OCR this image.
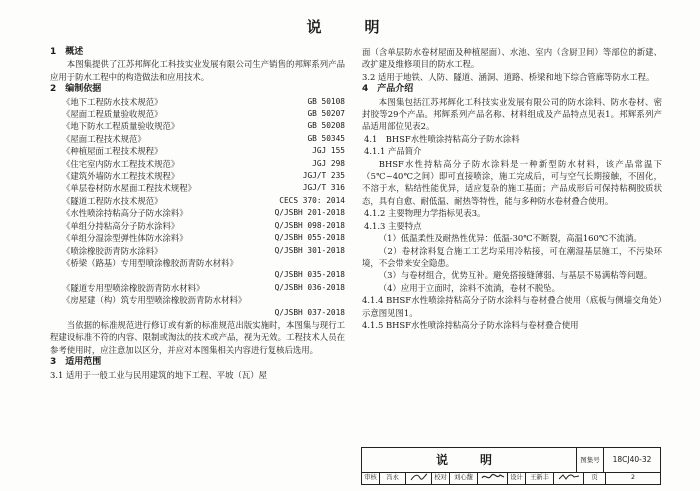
说　明
1　概述
本图集提供了江苏邦辉化工科技实业发展有限公司生产销售的邦辉系列产品应用于防水工程中的构造做法和应用技术。
2　编制依据
《地下工程防水技术规范》	GB 50108
《屋面工程质量验收规范》	GB 50207
《地下防水工程质量验收规范》	GB 50208
《屋面工程技术规范》	GB 50345
《种植屋面工程技术规程》	JGJ 155
《住宅室内防水工程技术规范》	JGJ 298
《建筑外墙防水工程技术规程》	JGJ/T 235
《单层卷材防水屋面工程技术规程》	JGJ/T 316
《隧道工程防水技术规范》	CECS 370: 2014
《水性喷涂持粘高分子防水涂料》	Q/JSBH 201-2018
《单组分持粘高分子防水涂料》	Q/JSBH 098-2018
《单组分湿涂型弹性体防水涂料》	Q/JSBH 055-2018
《喷涂橡胶沥青防水涂料》	Q/JSBH 301-2018
《桥梁（路基）专用型喷涂橡胶沥青防水材料》
Q/JSBH 035-2018
《隧道专用型喷涂橡胶沥青防水材料》	Q/JSBH 036-2018
《房屋建（构）筑专用型喷涂橡胶沥青防水材料》
Q/JSBH 037-2018
当依据的标准规范进行修订或有新的标准规范出版实施时，本图集与现行工程建设标准不符的内容、限制或淘汰的技术或产品，视为无效。工程技术人员在参考使用时，应注意加以区分，并应对本图集相关内容进行复核后选用。
3　适用范围
3.1 适用于一般工业与民用建筑的地下工程、平坡（瓦）屋
面（含单层防水卷材屋面及种植屋面）、水池、室内（含厨卫间）等部位的新建、改扩建及维修项目的防水工程。
3.2 适用于地铁、人防、隧道、涵洞、道路、桥梁和地下综合管廊等防水工程。
4　产品介绍
本图集包括江苏邦辉化工科技实业发展有限公司的防水涂料、防水卷材、密封胶等29个产品。邦辉系列产品名称、材料组成及产品特点见表1。邦辉系列产品适用部位见表2。
4.1　BHSF水性喷涂持粘高分子防水涂料
4.1.1 产品简介
BHSF水性持粘高分子防水涂料是一种新型防水材料，该产品常温下（5℃~40℃之间）即可直接喷涂，施工完成后，可与空气长期接触，不固化，不溶于水，粘结性能优异，适应复杂的施工基面；产品成形后可保持粘稠胶质状态，具有自愈、耐低温、耐热等特性，能与多种防水卷材叠合使用。
4.1.2 主要物理力学指标见表3。
4.1.3 主要特点
（1）低温柔性及耐热性优异：低温-30℃不断裂，高温160℃不流淌。
（2）卷材涂料复合施工工艺均采用冷粘接，可在潮湿基层施工，不污染环境，不会带来安全隐患。
（3）与卷材组合，优势互补。避免搭接缝薄弱、与基层不易满粘等问题。
（4）应用于立面时，涂料不流淌，卷材不脱坠。
4.1.4 BHSF水性喷涂持粘高分子防水涂料与卷材叠合使用（底板与侧墙交角处）示意图见图1。
4.1.5 BHSF水性喷涂持粘高分子防水涂料与卷材叠合使用
说　明	图集号	18CJ40-32
审核	冯永	校对	刘心馥	设计	王新丰	页	2
